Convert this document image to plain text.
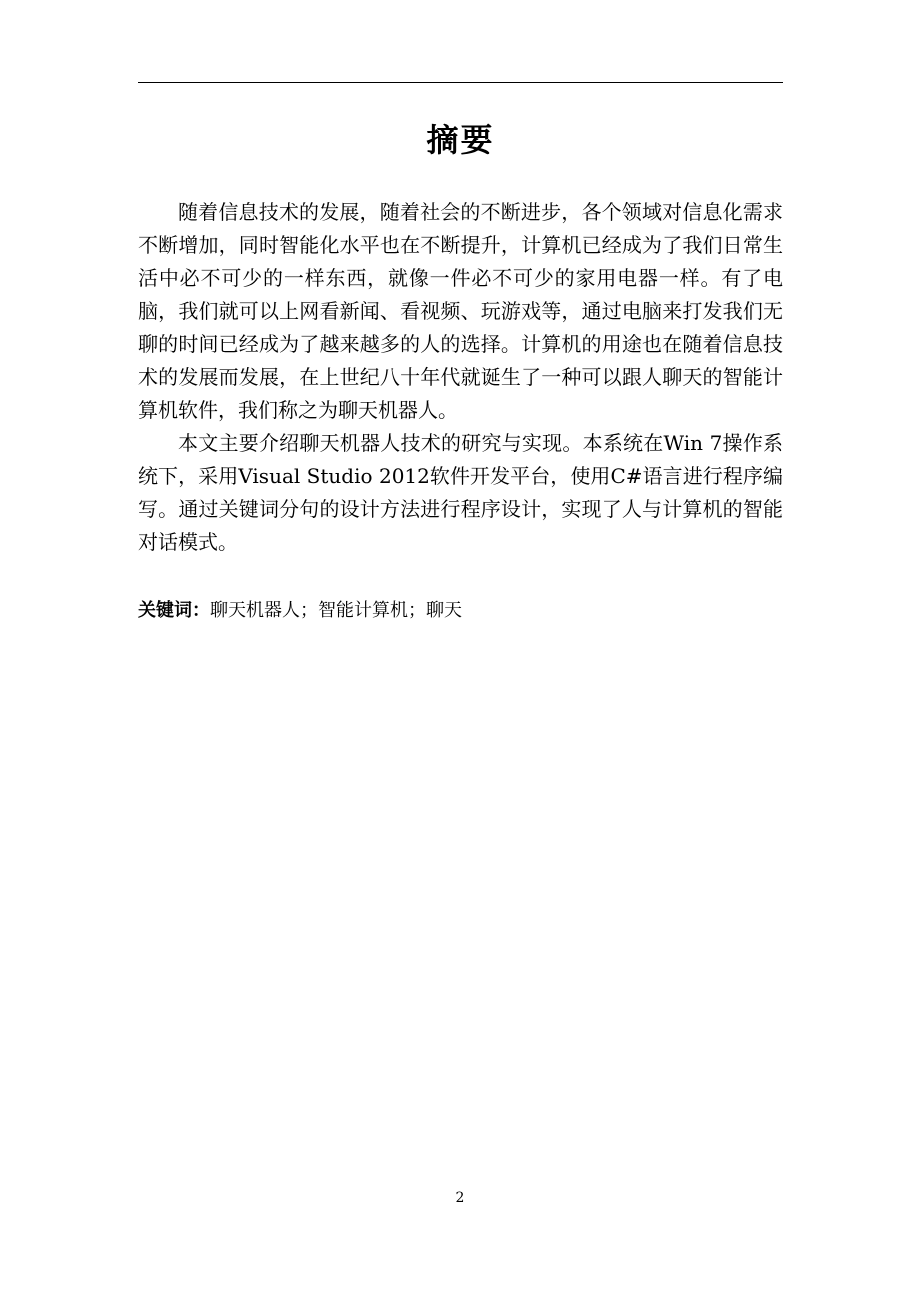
摘要

随着信息技术的发展，随着社会的不断进步，各个领域对信息化需求不断增加，同时智能化水平也在不断提升，计算机已经成为了我们日常生活中必不可少的一样东西，就像一件必不可少的家用电器一样。有了电脑，我们就可以上网看新闻、看视频、玩游戏等，通过电脑来打发我们无聊的时间已经成为了越来越多的人的选择。计算机的用途也在随着信息技术的发展而发展，在上世纪八十年代就诞生了一种可以跟人聊天的智能计算机软件，我们称之为聊天机器人。

本文主要介绍聊天机器人技术的研究与实现。本系统在Win 7操作系统下，采用Visual Studio 2012软件开发平台，使用C#语言进行程序编写。通过关键词分句的设计方法进行程序设计，实现了人与计算机的智能对话模式。

关键词：聊天机器人；智能计算机；聊天
2
